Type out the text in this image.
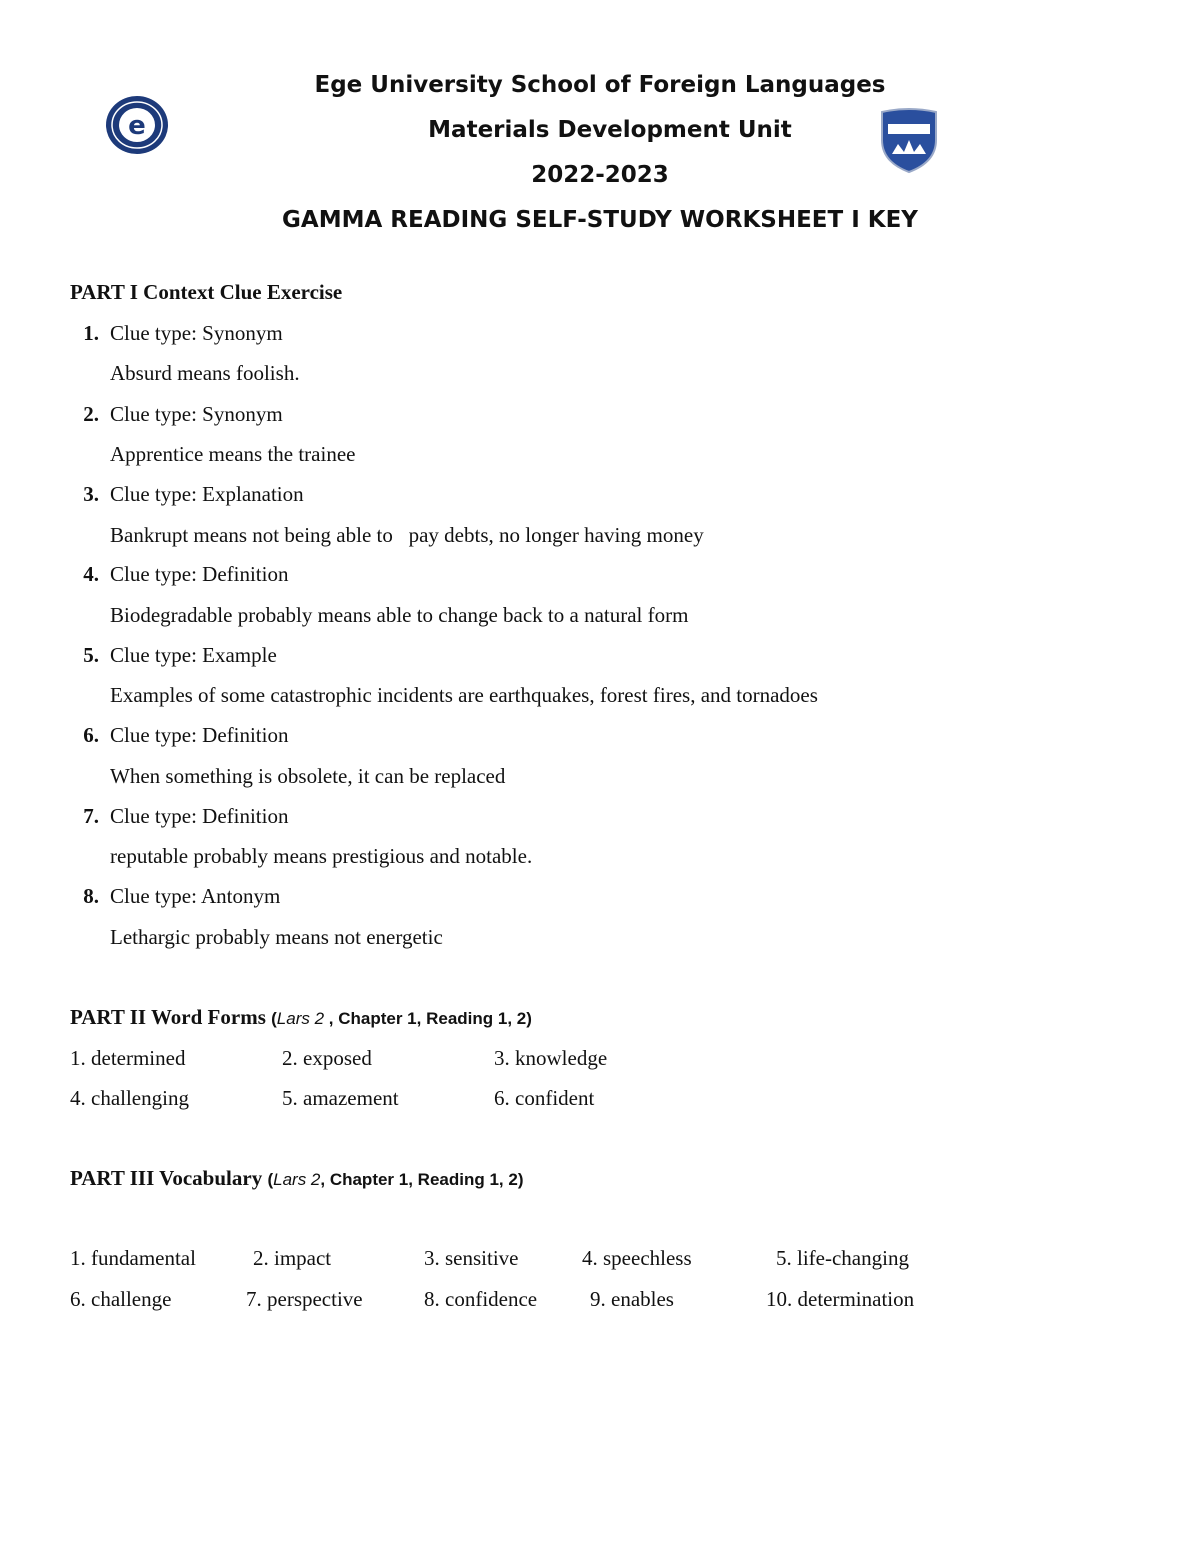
e
Ege University School of Foreign Languages
Materials Development Unit
2022-2023
GAMMA READING SELF-STUDY WORKSHEET I KEY
PART I Context Clue Exercise
1. Clue type: Synonym
Absurd means foolish.
2. Clue type: Synonym
Apprentice means the trainee
3. Clue type: Explanation
Bankrupt means not being able to   pay debts, no longer having money
4. Clue type: Definition
Biodegradable probably means able to change back to a natural form
5. Clue type: Example
Examples of some catastrophic incidents are earthquakes, forest fires, and tornadoes
6. Clue type: Definition
When something is obsolete, it can be replaced
7. Clue type: Definition
reputable probably means prestigious and notable.
8. Clue type: Antonym
Lethargic probably means not energetic
PART II Word Forms (Lars 2 , Chapter 1, Reading 1, 2)
1. determined	2. exposed	3. knowledge
4. challenging	5. amazement	6. confident
PART III Vocabulary (Lars 2, Chapter 1, Reading 1, 2)
1. fundamental	2. impact	3. sensitive	4. speechless	5. life-changing
6. challenge	7. perspective	8. confidence	9. enables	10. determination
